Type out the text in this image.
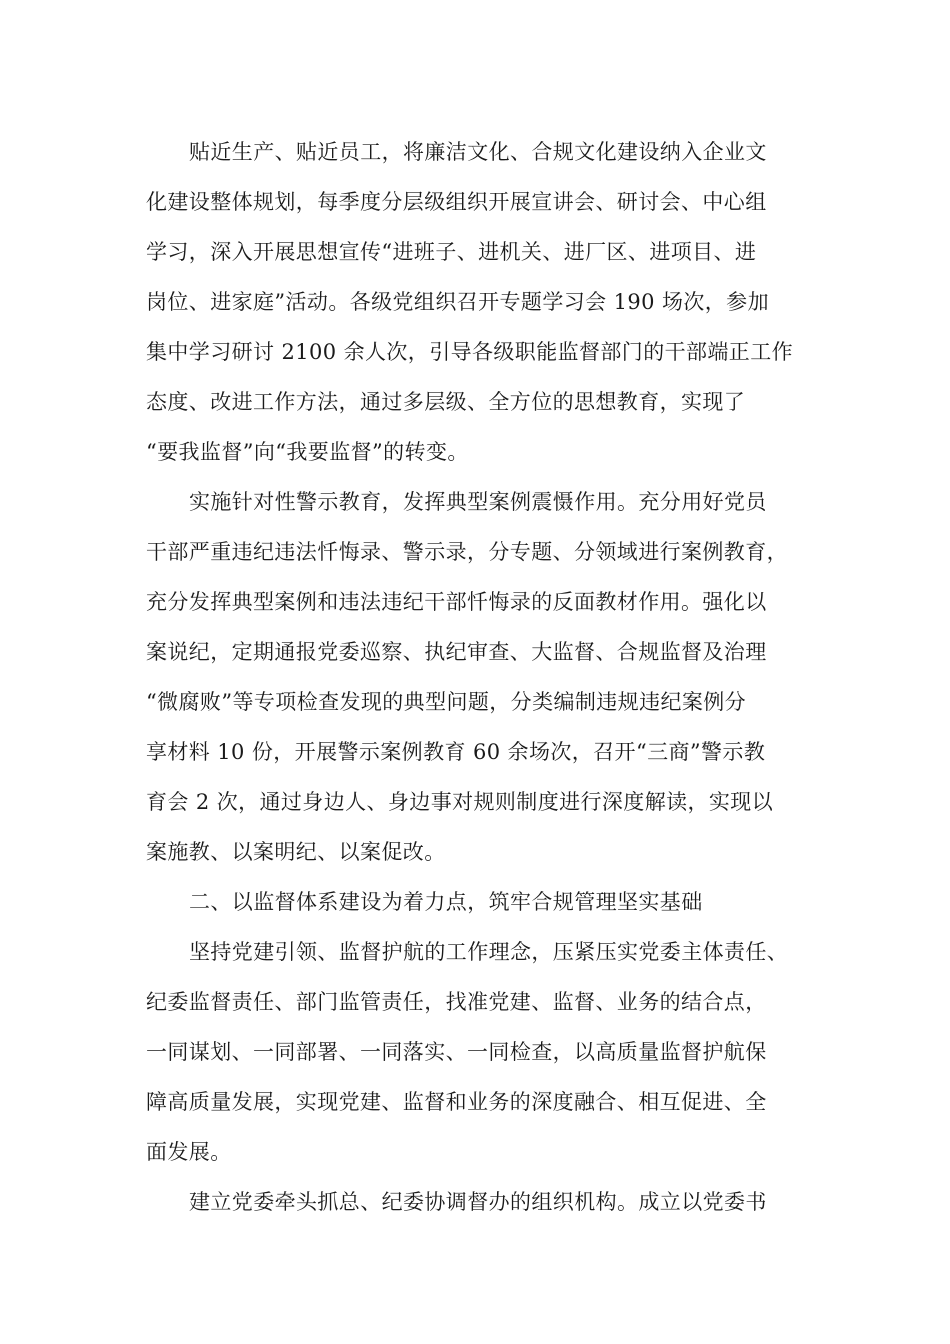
贴近生产、贴近员工，将廉洁文化、合规文化建设纳入企业文
化建设整体规划，每季度分层级组织开展宣讲会、研讨会、中心组
学习，深入开展思想宣传“进班子、进机关、进厂区、进项目、进
岗位、进家庭”活动。各级党组织召开专题学习会 190 场次，参加
集中学习研讨 2100 余人次，引导各级职能监督部门的干部端正工作
态度、改进工作方法，通过多层级、全方位的思想教育，实现了
“要我监督”向“我要监督”的转变。
实施针对性警示教育，发挥典型案例震慑作用。充分用好党员
干部严重违纪违法忏悔录、警示录，分专题、分领域进行案例教育，
充分发挥典型案例和违法违纪干部忏悔录的反面教材作用。强化以
案说纪，定期通报党委巡察、执纪审查、大监督、合规监督及治理
“微腐败”等专项检查发现的典型问题，分类编制违规违纪案例分
享材料 10 份，开展警示案例教育 60 余场次，召开“三商”警示教
育会 2 次，通过身边人、身边事对规则制度进行深度解读，实现以
案施教、以案明纪、以案促改。
二、以监督体系建设为着力点，筑牢合规管理坚实基础
坚持党建引领、监督护航的工作理念，压紧压实党委主体责任、
纪委监督责任、部门监管责任，找准党建、监督、业务的结合点，
一同谋划、一同部署、一同落实、一同检查，以高质量监督护航保
障高质量发展，实现党建、监督和业务的深度融合、相互促进、全
面发展。
建立党委牵头抓总、纪委协调督办的组织机构。成立以党委书
